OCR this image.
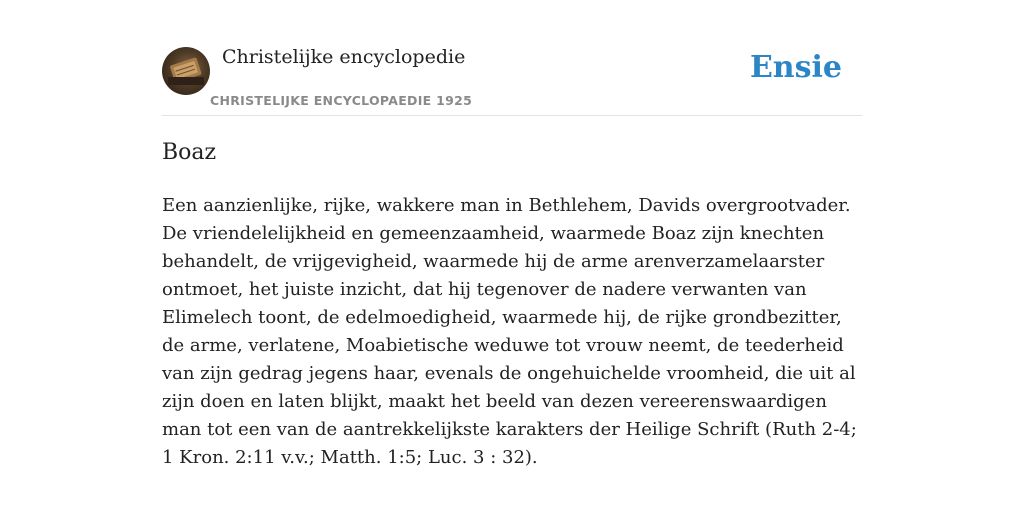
Christelijke encyclopedie
CHRISTELIJKE ENCYCLOPAEDIE 1925
Ensie
Boaz

Een aanzienlijke, rijke, wakkere man in Bethlehem, Davids overgrootvader. De vriendelelijkheid en gemeenzaamheid, waarmede Boaz zijn knechten behandelt, de vrijgevigheid, waarmede hij de arme arenverzamelaarster ontmoet, het juiste inzicht, dat hij tegenover de nadere verwanten van Elimelech toont, de edelmoedigheid, waarmede hij, de rijke grondbezitter, de arme, verlatene, Moabietische weduwe tot vrouw neemt, de teederheid van zijn gedrag jegens haar, evenals de ongehuichelde vroomheid, die uit al zijn doen en laten blijkt, maakt het beeld van dezen vereerenswaardigen man tot een van de aantrekkelijkste karakters der Heilige Schrift (Ruth 2-4; 1 Kron. 2:11 v.v.; Matth. 1:5; Luc. 3 : 32).
